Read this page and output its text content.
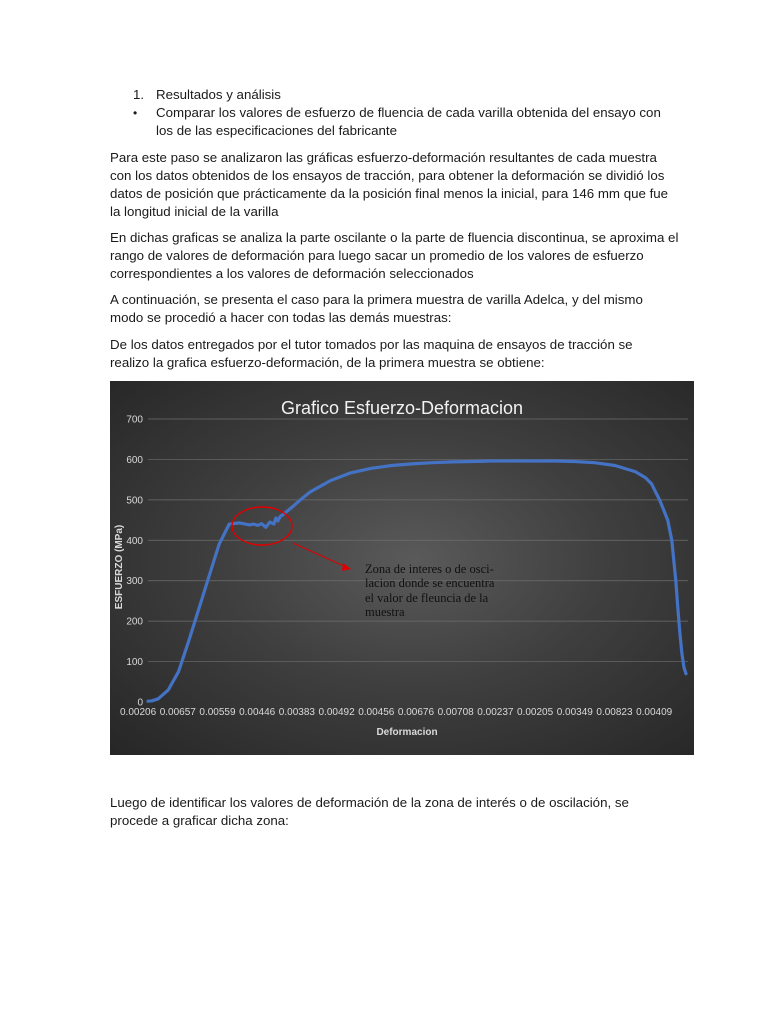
1. Resultados y análisis
• Comparar los valores de esfuerzo de fluencia de cada varilla obtenida del ensayo con
los de las especificaciones del fabricante
Para este paso se analizaron las gráficas esfuerzo-deformación resultantes de cada muestra
con los datos obtenidos de los ensayos de tracción, para obtener la deformación se dividió los
datos de posición que prácticamente da la posición final menos la inicial, para 146 mm que fue
la longitud inicial de la varilla
En dichas graficas se analiza la parte oscilante o la parte de fluencia discontinua, se aproxima el
rango de valores de deformación para luego sacar un promedio de los valores de esfuerzo
correspondientes a los valores de deformación seleccionados
A continuación, se presenta el caso para la primera muestra de varilla Adelca, y del mismo
modo se procedió a hacer con todas las demás muestras:
De los datos entregados por el tutor tomados por las maquina de ensayos de tracción se
realizo la grafica esfuerzo-deformación, de la primera muestra se obtiene:
Grafico Esfuerzo-Deformacion
0
100
200
300
400
500
600
700
0.00206 0.00657 0.00559 0.00446 0.00383 0.00492 0.00456 0.00676 0.00708 0.00237 0.00205 0.00349 0.00823 0.00409
Deformacion
ESFUERZO (MPa)	Zona de interes o de osci-
lacion donde se encuentra
el valor de fleuncia de la
muestra
Luego de identificar los valores de deformación de la zona de interés o de oscilación, se
procede a graficar dicha zona:
